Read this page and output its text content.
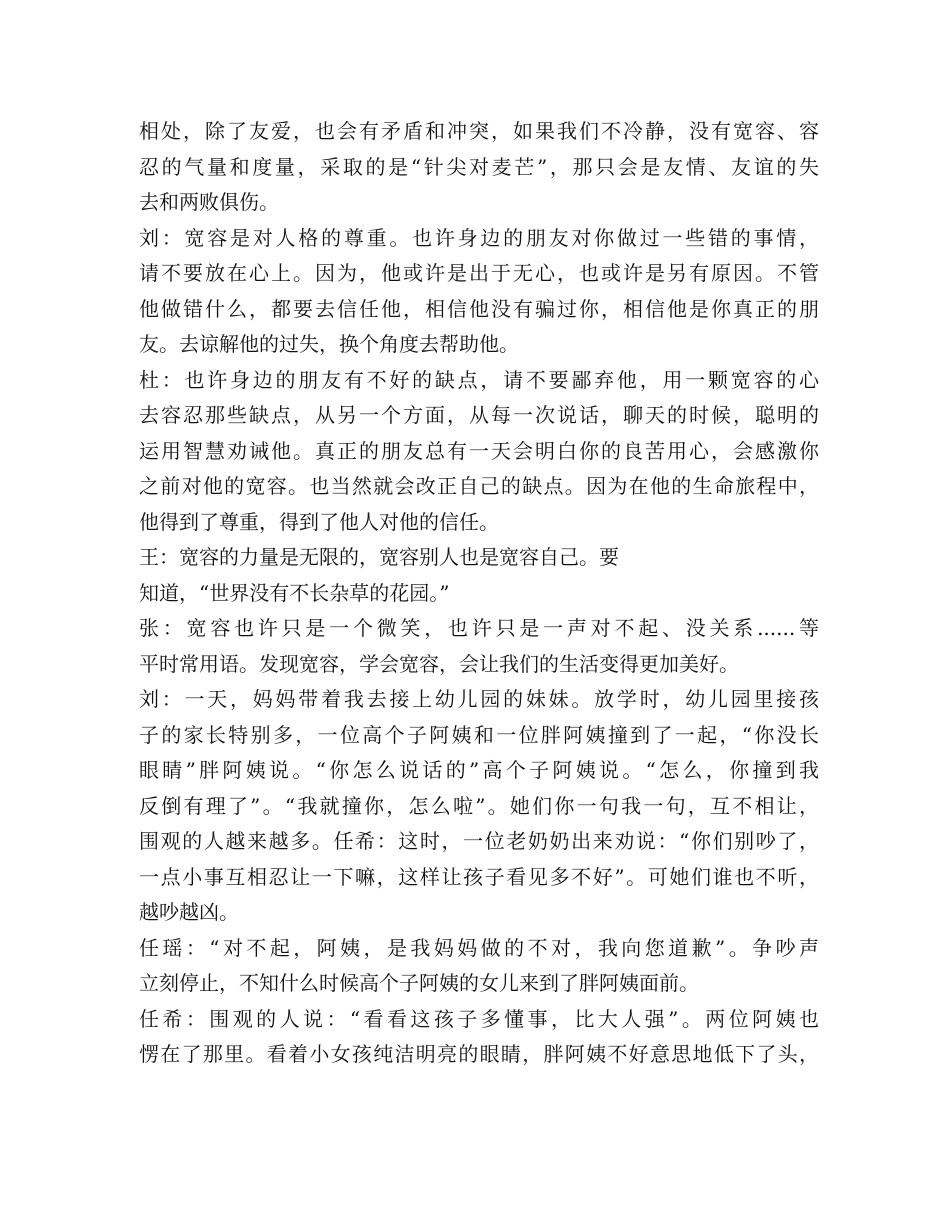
相处，除了友爱，也会有矛盾和冲突，如果我们不冷静，没有宽容、容
忍的气量和度量，采取的是“针尖对麦芒”，那只会是友情、友谊的失
去和两败俱伤。
刘：宽容是对人格的尊重。也许身边的朋友对你做过一些错的事情，
请不要放在心上。因为，他或许是出于无心，也或许是另有原因。不管
他做错什么，都要去信任他，相信他没有骗过你，相信他是你真正的朋
友。去谅解他的过失，换个角度去帮助他。
杜：也许身边的朋友有不好的缺点，请不要鄙弃他，用一颗宽容的心
去容忍那些缺点，从另一个方面，从每一次说话，聊天的时候，聪明的
运用智慧劝诫他。真正的朋友总有一天会明白你的良苦用心，会感激你
之前对他的宽容。也当然就会改正自己的缺点。因为在他的生命旅程中，
他得到了尊重，得到了他人对他的信任。
王：宽容的力量是无限的，宽容别人也是宽容自己。要
知道，“世界没有不长杂草的花园。”
张：宽容也许只是一个微笑，也许只是一声对不起、没关系......等
平时常用语。发现宽容，学会宽容，会让我们的生活变得更加美好。
刘：一天，妈妈带着我去接上幼儿园的妹妹。放学时，幼儿园里接孩
子的家长特别多，一位高个子阿姨和一位胖阿姨撞到了一起，“你没长
眼睛”胖阿姨说。“你怎么说话的”高个子阿姨说。“怎么，你撞到我
反倒有理了”。“我就撞你，怎么啦”。她们你一句我一句，互不相让，
围观的人越来越多。任希：这时，一位老奶奶出来劝说：“你们别吵了，
一点小事互相忍让一下嘛，这样让孩子看见多不好”。可她们谁也不听，
越吵越凶。
任瑶：“对不起，阿姨，是我妈妈做的不对，我向您道歉”。争吵声
立刻停止，不知什么时候高个子阿姨的女儿来到了胖阿姨面前。
任希：围观的人说：“看看这孩子多懂事，比大人强”。两位阿姨也
愣在了那里。看着小女孩纯洁明亮的眼睛，胖阿姨不好意思地低下了头，
